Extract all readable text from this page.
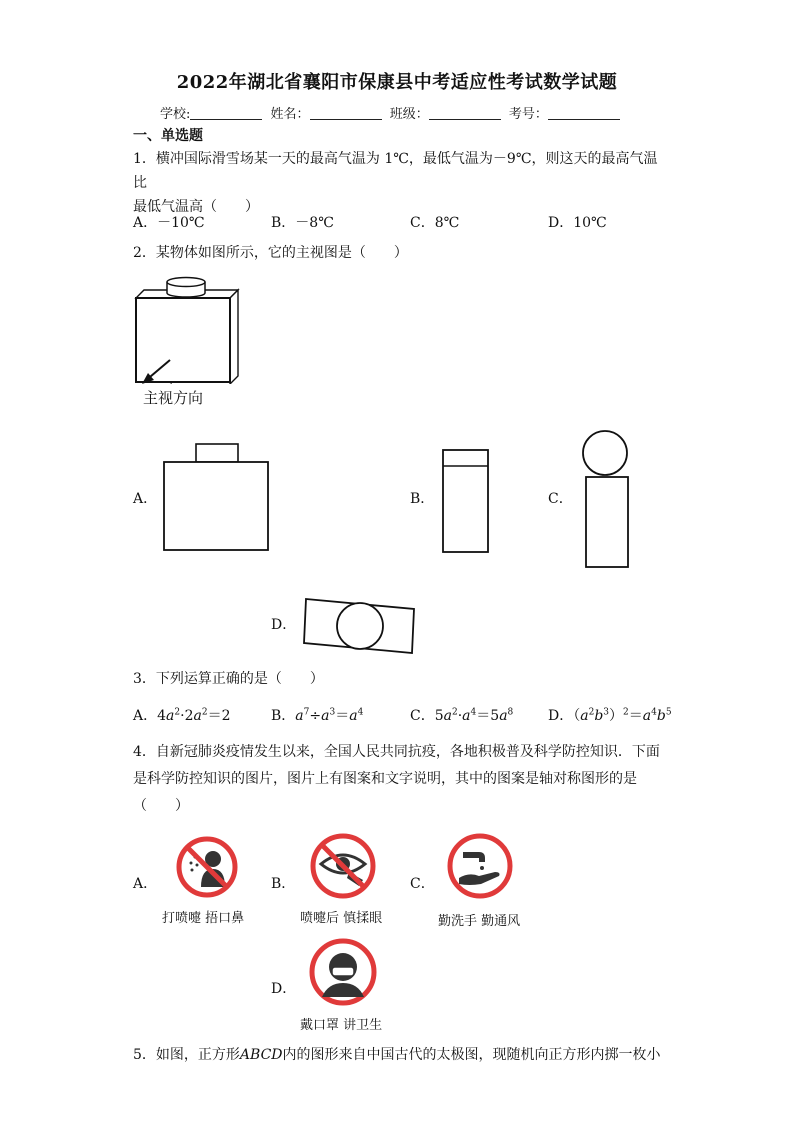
2022年湖北省襄阳市保康县中考适应性考试数学试题
学校:	姓名：	班级：	考号：
一、单选题
1．横冲国际滑雪场某一天的最高气温为 1℃，最低气温为－9℃，则这天的最高气温比
最低气温高（　　）
A．－10℃	B．－8℃	C．8℃	D．10℃
2．某物体如图所示，它的主视图是（　　）
主视方向
A．	B．	C．
D．
3．下列运算正确的是（　　）
A．$4a^2\cdot 2a^2=2$	B．$a^7\div a^3=a^4$	C．$5a^2\cdot a^4=5a^8$ D．$(a^2b^3)^2=a^4b^5$
4．自新冠肺炎疫情发生以来，全国人民共同抗疫，各地积极普及科学防控知识．下面
是科学防控知识的图片，图片上有图案和文字说明，其中的图案是轴对称图形的是
（　　）
A．
打喷嚏 捂口鼻
B．
喷嚏后 慎揉眼
C．
勤洗手 勤通风
D．
戴口罩 讲卫生
5．如图，正方形ABCD内的图形来自中国古代的太极图，现随机向正方形内掷一枚小
